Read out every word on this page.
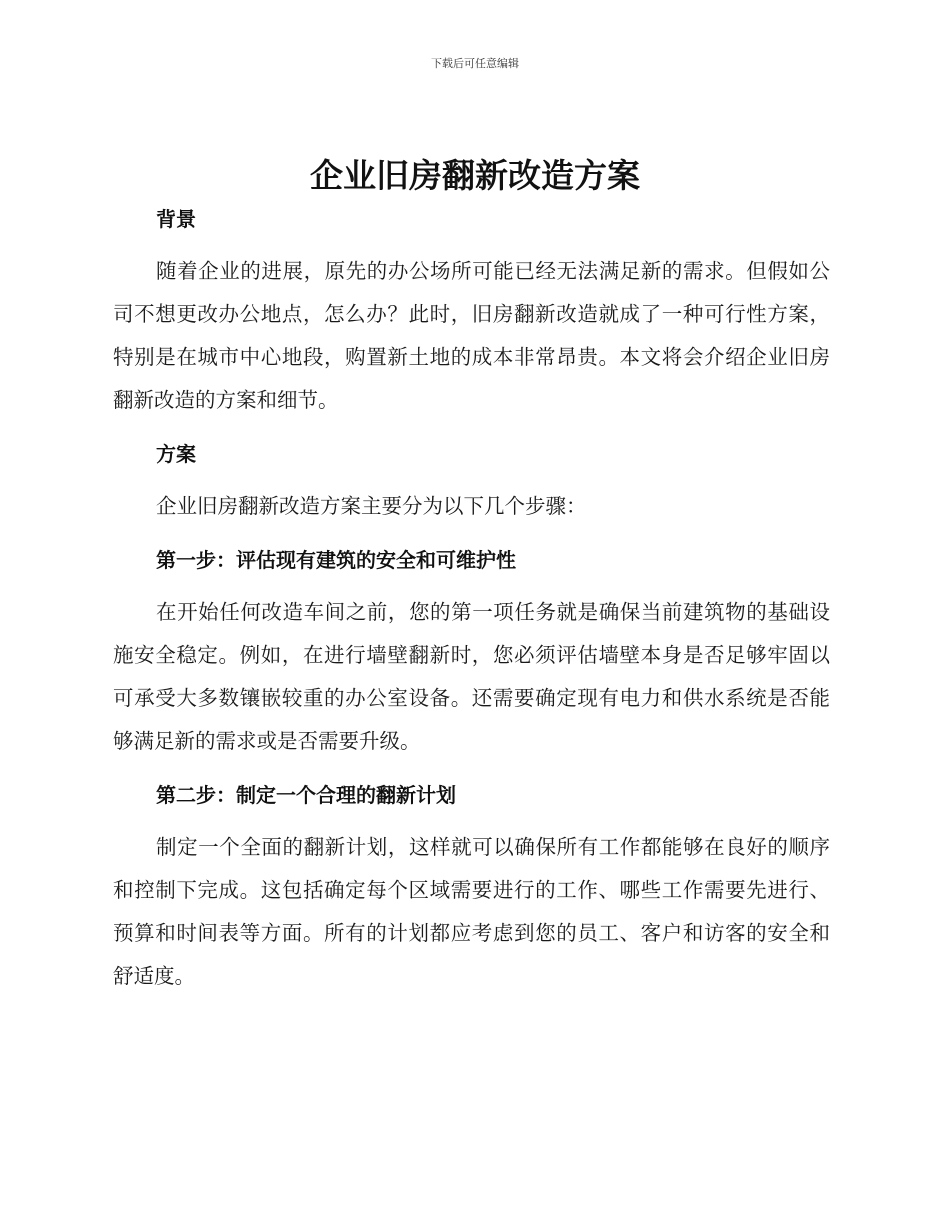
下载后可任意编辑
企业旧房翻新改造方案

背景

随着企业的进展，原先的办公场所可能已经无法满足新的需求。但假如公司不想更改办公地点，怎么办？此时，旧房翻新改造就成了一种可行性方案，特别是在城市中心地段，购置新土地的成本非常昂贵。本文将会介绍企业旧房翻新改造的方案和细节。

方案

企业旧房翻新改造方案主要分为以下几个步骤：

第一步：评估现有建筑的安全和可维护性

在开始任何改造车间之前，您的第一项任务就是确保当前建筑物的基础设施安全稳定。例如，在进行墙壁翻新时，您必须评估墙壁本身是否足够牢固以可承受大多数镶嵌较重的办公室设备。还需要确定现有电力和供水系统是否能够满足新的需求或是否需要升级。

第二步：制定一个合理的翻新计划

制定一个全面的翻新计划，这样就可以确保所有工作都能够在良好的顺序和控制下完成。这包括确定每个区域需要进行的工作、哪些工作需要先进行、预算和时间表等方面。所有的计划都应考虑到您的员工、客户和访客的安全和舒适度。
